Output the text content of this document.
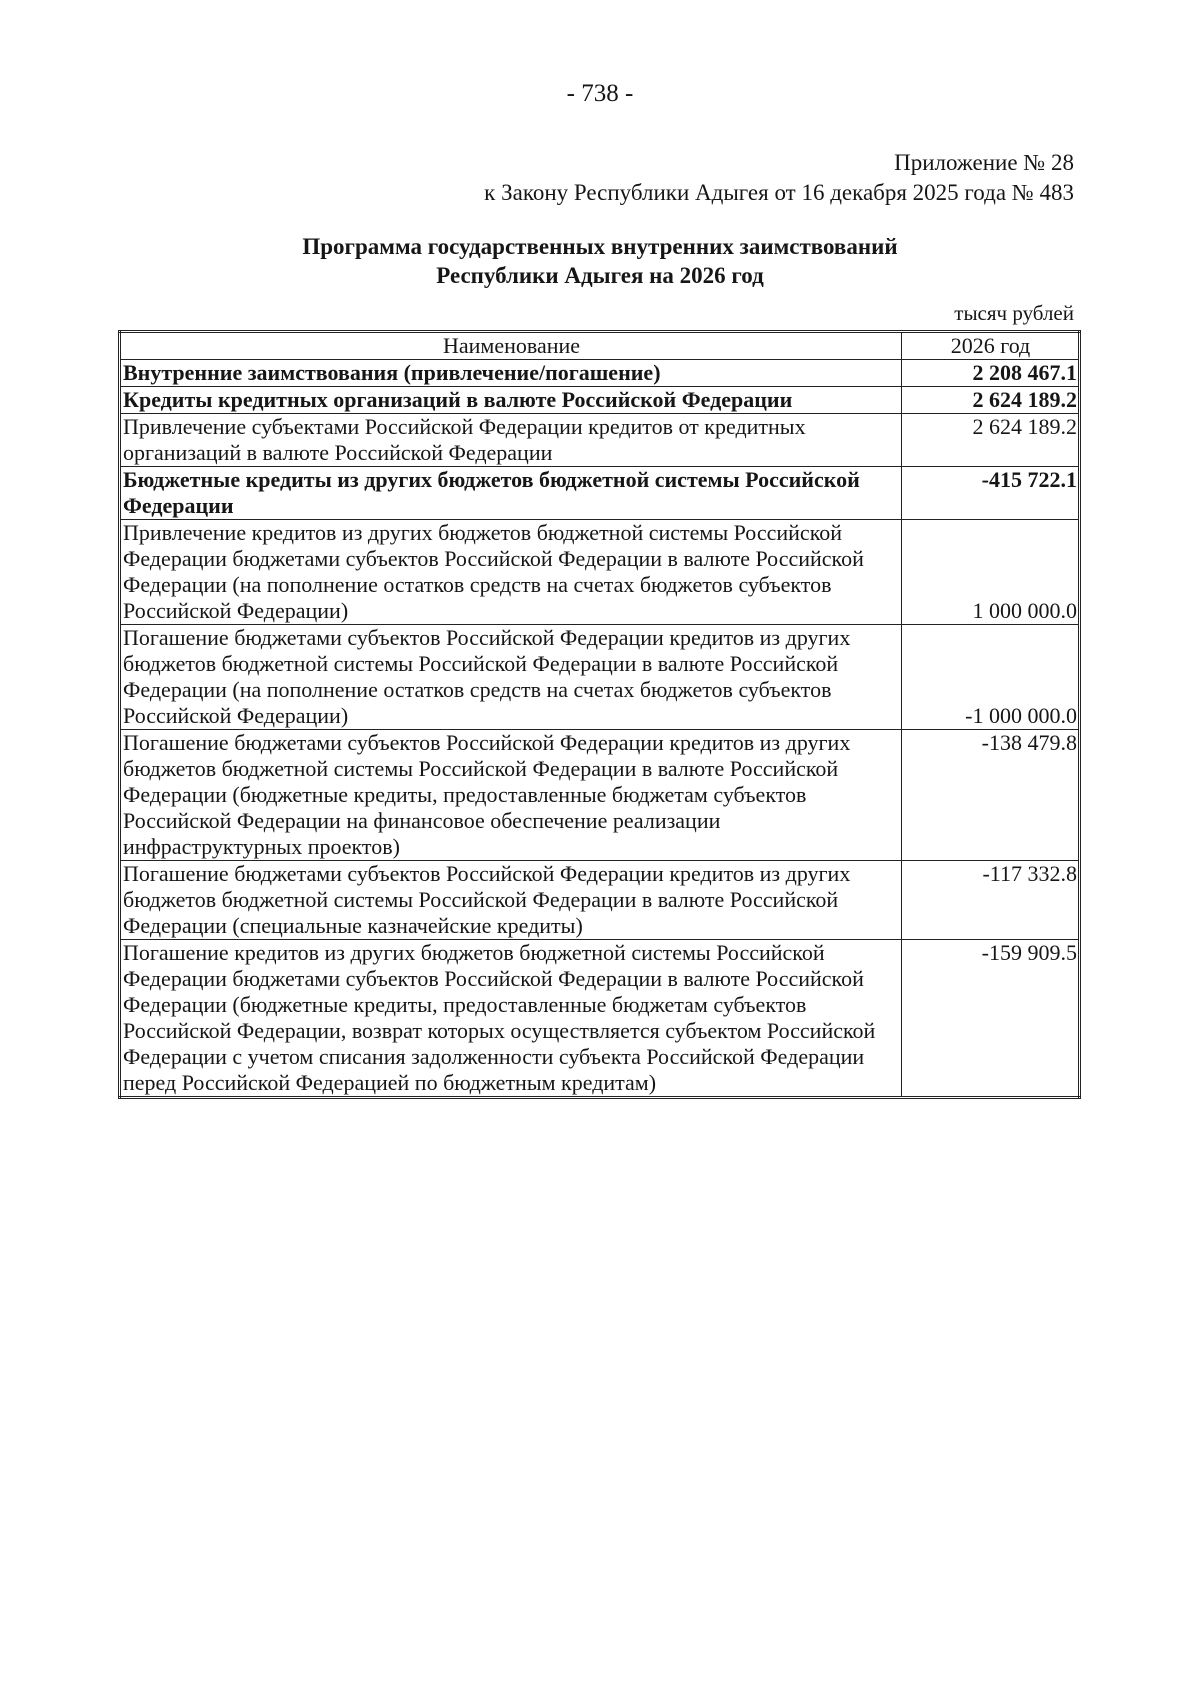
- 738 -
Приложение № 28
к Закону Республики Адыгея от 16 декабря 2025 года № 483
Программа государственных внутренних заимствований
Республики Адыгея на 2026 год
тысяч рублей
Наименование	2026 год
Внутренние заимствования (привлечение/погашение)	2 208 467.1
Кредиты кредитных организаций в валюте Российской Федерации	2 624 189.2
Привлечение субъектами Российской Федерации кредитов от кредитных организаций в валюте Российской Федерации	2 624 189.2
Бюджетные кредиты из других бюджетов бюджетной системы Российской Федерации	-415 722.1
Привлечение кредитов из других бюджетов бюджетной системы Российской Федерации бюджетами субъектов Российской Федерации в валюте Российской Федерации (на пополнение остатков средств на счетах бюджетов субъектов Российской Федерации)	1 000 000.0
Погашение бюджетами субъектов Российской Федерации кредитов из других бюджетов бюджетной системы Российской Федерации в валюте Российской Федерации (на пополнение остатков средств на счетах бюджетов субъектов Российской Федерации)	-1 000 000.0
Погашение бюджетами субъектов Российской Федерации кредитов из других бюджетов бюджетной системы Российской Федерации в валюте Российской Федерации (бюджетные кредиты, предоставленные бюджетам субъектов Российской Федерации на финансовое обеспечение реализации инфраструктурных проектов)	-138 479.8
Погашение бюджетами субъектов Российской Федерации кредитов из других бюджетов бюджетной системы Российской Федерации в валюте Российской Федерации (специальные казначейские кредиты)	-117 332.8
Погашение кредитов из других бюджетов бюджетной системы Российской Федерации бюджетами субъектов Российской Федерации в валюте Российской Федерации (бюджетные кредиты, предоставленные бюджетам субъектов Российской Федерации, возврат которых осуществляется субъектом Российской Федерации с учетом списания задолженности субъекта Российской Федерации перед Российской Федерацией по бюджетным кредитам)	-159 909.5
